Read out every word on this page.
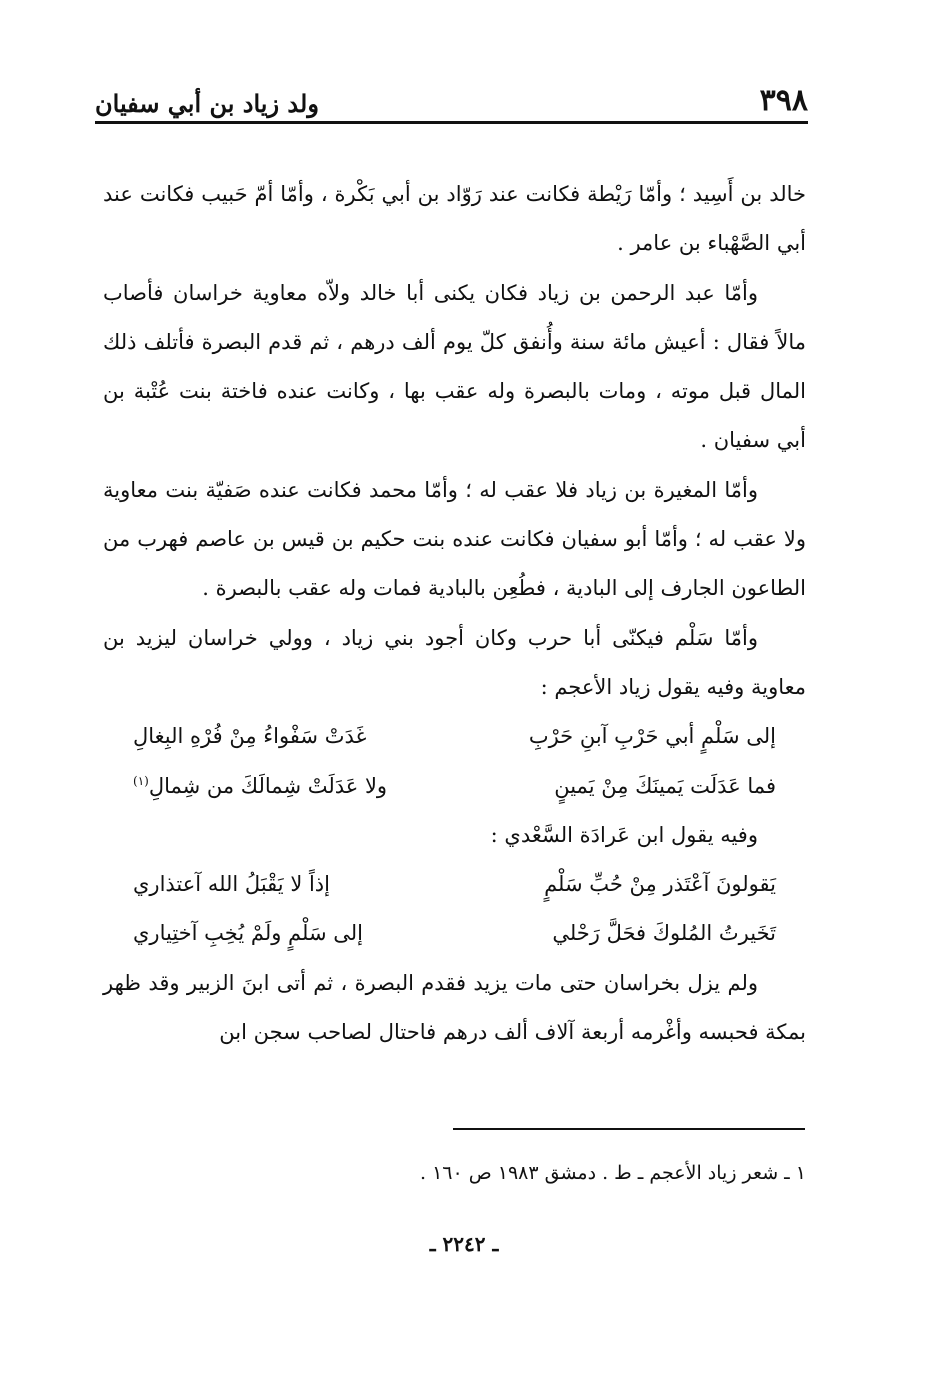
٣٩٨
ولد زياد بن أبي سفيان

خالد بن أَسِيد ؛ وأمّا رَيْطة فكانت عند رَوّاد بن أبي بَكْرة ، وأمّا أمّ حَبيب فكانت عند أبي الصَّهْباء بن عامر .

وأمّا عبد الرحمن بن زياد فكان يكنى أبا خالد ولاّه معاوية خراسان فأصاب مالاً فقال : أعيش مائة سنة وأُنفق كلّ يوم ألف درهم ، ثم قدم البصرة فأتلف ذلك المال قبل موته ، ومات بالبصرة وله عقب بها ، وكانت عنده فاختة بنت عُتْبة بن أبي سفيان .

وأمّا المغيرة بن زياد فلا عقب له ؛ وأمّا محمد فكانت عنده صَفيّة بنت معاوية ولا عقب له ؛ وأمّا أبو سفيان فكانت عنده بنت حكيم بن قيس بن عاصم فهرب من الطاعون الجارف إلى البادية ، فطُعِن بالبادية فمات وله عقب بالبصرة .

وأمّا سَلْم فيكنّى أبا حرب وكان أجود بني زياد ، وولي خراسان ليزيد بن معاوية وفيه يقول زياد الأعجم :

إلى سَلْمٍ أبي حَرْبِ آبنِ حَرْبِ
غَدَتْ سَفْواءُ مِنْ فُرْهِ البِغالِ
فما عَدَلَت يَمينَكَ مِنْ يَمينٍ
ولا عَدَلَتْ شِمالَكَ من شِمالِ$^{(١)}$

وفيه يقول ابن عَرادَة السَّعْدي :

يَقولونَ آعْتَذر مِنْ حُبِّ سَلْمٍ
إذاً لا يَقْبَلُ الله آعتذاري
تَخَيرتُ المُلوكَ فحَلَّ رَحْلي
إلى سَلْمٍ ولَمْ يُخِبِ آختِياري

ولم يزل بخراسان حتى مات يزيد فقدم البصرة ، ثم أتى ابنَ الزبير وقد ظهر بمكة فحبسه وأغْرمه أربعة آلاف ألف درهم فاحتال لصاحب سجن ابن

١ ـ شعر زياد الأعجم ـ ط . دمشق ١٩٨٣ ص ١٦٠ .
ـ ٢٢٤٢ ـ
